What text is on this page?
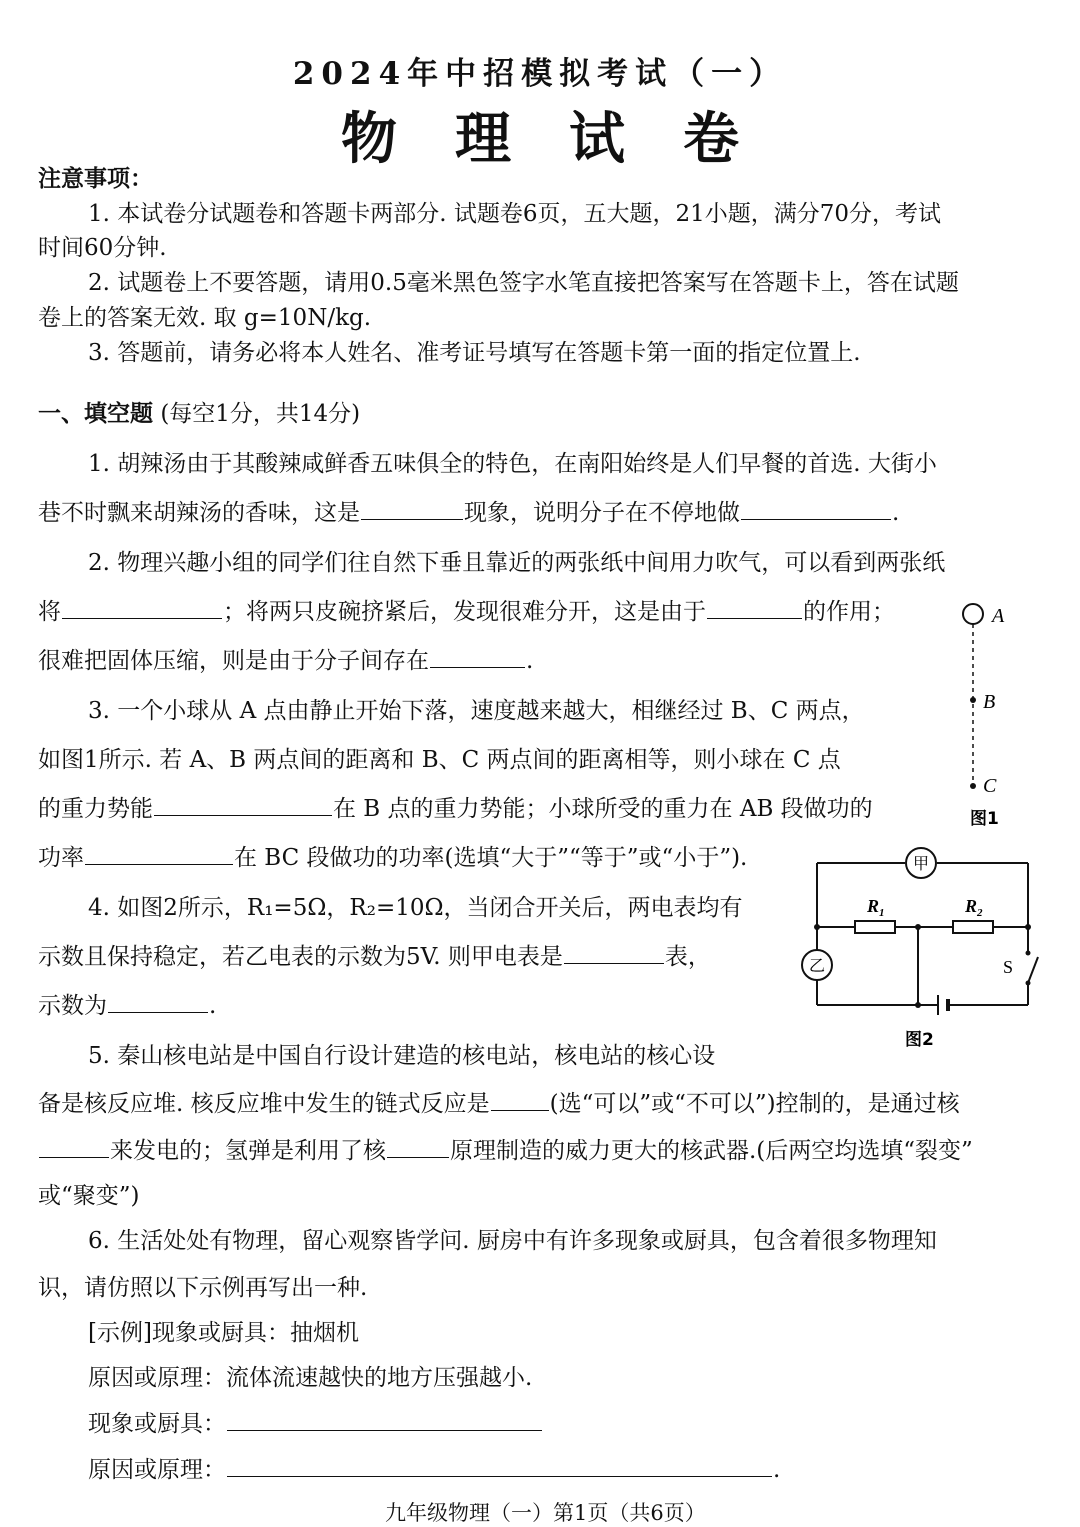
2024年中招模拟考试（一）
物理试卷
注意事项：
1. 本试卷分试题卷和答题卡两部分. 试题卷6页，五大题，21小题，满分70分，考试
时间60分钟.
2. 试题卷上不要答题，请用0.5毫米黑色签字水笔直接把答案写在答题卡上，答在试题
卷上的答案无效. 取 g=10N/kg.
3. 答题前，请务必将本人姓名、准考证号填写在答题卡第一面的指定位置上.
一、填空题 (每空1分，共14分)
1. 胡辣汤由于其酸辣咸鲜香五味俱全的特色，在南阳始终是人们早餐的首选. 大街小
巷不时飘来胡辣汤的香味，这是	现象，说明分子在不停地做	.
2. 物理兴趣小组的同学们往自然下垂且靠近的两张纸中间用力吹气，可以看到两张纸
将	；将两只皮碗挤紧后，发现很难分开，这是由于	的作用；
很难把固体压缩，则是由于分子间存在	.
3. 一个小球从 A 点由静止开始下落，速度越来越大，相继经过 B、C 两点，
如图1所示. 若 A、B 两点间的距离和 B、C 两点间的距离相等，则小球在 C 点
的重力势能	在 B 点的重力势能；小球所受的重力在 AB 段做功的
功率	在 BC 段做功的功率(选填“大于”“等于”或“小于”).
4. 如图2所示，R₁=5Ω，R₂=10Ω，当闭合开关后，两电表均有
示数且保持稳定，若乙电表的示数为5V. 则甲电表是	表，
示数为	.
5. 秦山核电站是中国自行设计建造的核电站，核电站的核心设
备是核反应堆. 核反应堆中发生的链式反应是	(选“可以”或“不可以”)控制的，是通过核
来发电的；氢弹是利用了核	原理制造的威力更大的核武器.(后两空均选填“裂变”
或“聚变”)
6. 生活处处有物理，留心观察皆学问. 厨房中有许多现象或厨具，包含着很多物理知
识，请仿照以下示例再写出一种.
[示例]现象或厨具：抽烟机
原因或原理：流体流速越快的地方压强越小.
现象或厨具：
原因或原理：	.
A
B
C
图1
$R_1$	$R_2$
甲
乙	S
图2
九年级物理（一）第1页（共6页）
